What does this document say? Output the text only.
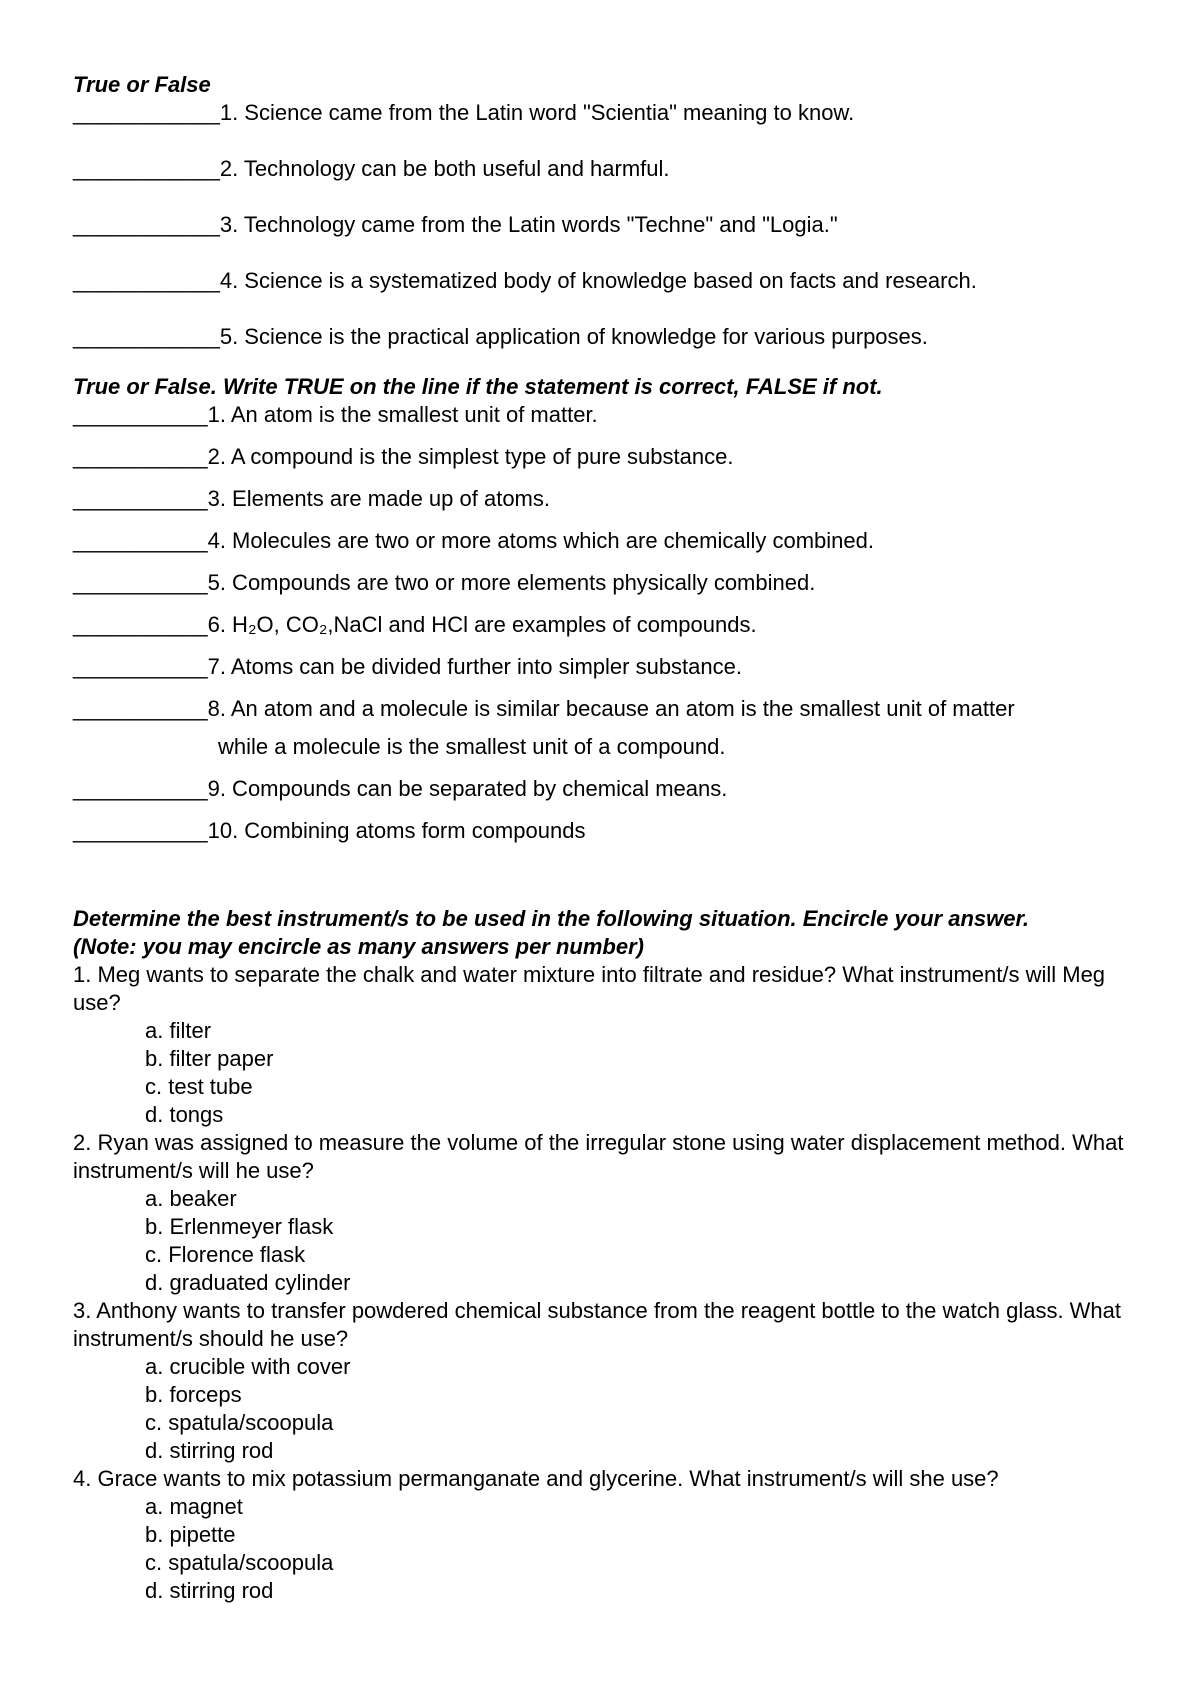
True or False

____________1. Science came from the Latin word "Scientia" meaning to know.
____________2. Technology can be both useful and harmful.
____________3. Technology came from the Latin words "Techne" and "Logia."
____________4. Science is a systematized body of knowledge based on facts and research.
____________5. Science is the practical application of knowledge for various purposes.

True or False. Write TRUE on the line if the statement is correct, FALSE if not.

___________1. An atom is the smallest unit of matter.
___________2. A compound is the simplest type of pure substance.
___________3. Elements are made up of atoms.
___________4. Molecules are two or more atoms which are chemically combined.
___________5. Compounds are two or more elements physically combined.
___________6. H₂O, CO₂,NaCl and HCl are examples of compounds.
___________7. Atoms can be divided further into simpler substance.
___________8. An atom and a molecule is similar because an atom is the smallest unit of matter
while a molecule is the smallest unit of a compound.
___________9. Compounds can be separated by chemical means.
___________10. Combining atoms form compounds

Determine the best instrument/s to be used in the following situation. Encircle your answer.

(Note: you may encircle as many answers per number)

1. Meg wants to separate the chalk and water mixture into filtrate and residue? What instrument/s will Meg use?
a. filter
b. filter paper
c. test tube
d. tongs
2. Ryan was assigned to measure the volume of the irregular stone using water displacement method. What instrument/s will he use?
a. beaker
b. Erlenmeyer flask
c. Florence flask
d. graduated cylinder
3. Anthony wants to transfer powdered chemical substance from the reagent bottle to the watch glass. What instrument/s should he use?
a. crucible with cover
b. forceps
c. spatula/scoopula
d. stirring rod
4. Grace wants to mix potassium permanganate and glycerine. What instrument/s will she use?
a. magnet
b. pipette
c. spatula/scoopula
d. stirring rod
